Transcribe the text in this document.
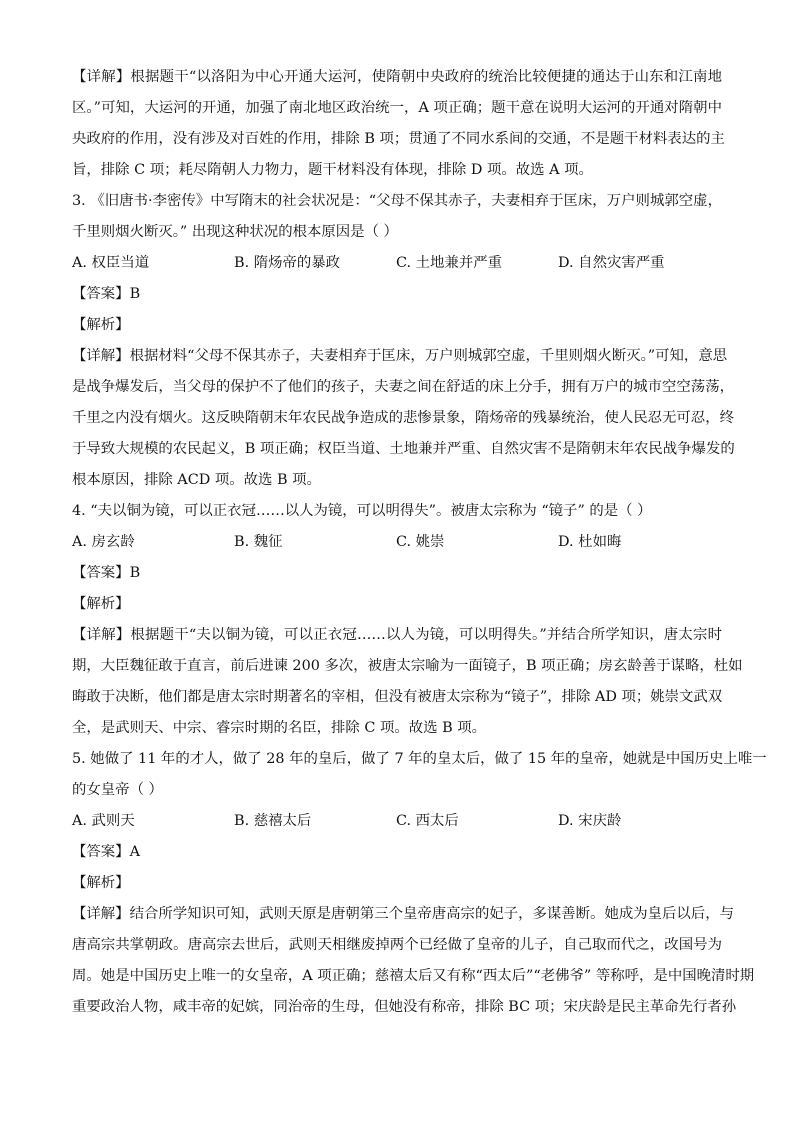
【详解】根据题干“以洛阳为中心开通大运河，使隋朝中央政府的统治比较便捷的通达于山东和江南地
区。”可知，大运河的开通，加强了南北地区政治统一，A 项正确；题干意在说明大运河的开通对隋朝中
央政府的作用，没有涉及对百姓的作用，排除 B 项；贯通了不同水系间的交通，不是题干材料表达的主
旨，排除 C 项；耗尽隋朝人力物力，题干材料没有体现，排除 D 项。故选 A 项。
3. 《旧唐书·李密传》中写隋末的社会状况是：“父母不保其赤子，夫妻相弃于匡床，万户则城郭空虚，
千里则烟火断灭。” 出现这种状况的根本原因是（ ）
A. 权臣当道	B. 隋炀帝的暴政	C. 土地兼并严重	D. 自然灾害严重
【答案】B
【解析】
【详解】根据材料“父母不保其赤子，夫妻相弃于匡床，万户则城郭空虚，千里则烟火断灭。”可知，意思
是战争爆发后，当父母的保护不了他们的孩子，夫妻之间在舒适的床上分手，拥有万户的城市空空荡荡，
千里之内没有烟火。这反映隋朝末年农民战争造成的悲惨景象，隋炀帝的残暴统治，使人民忍无可忍，终
于导致大规模的农民起义，B 项正确；权臣当道、土地兼并严重、自然灾害不是隋朝末年农民战争爆发的
根本原因，排除 ACD 项。故选 B 项。
4. “夫以铜为镜，可以正衣冠……以人为镜，可以明得失”。被唐太宗称为 “镜子” 的是（ ）
A. 房玄龄	B. 魏征	C. 姚崇	D. 杜如晦
【答案】B
【解析】
【详解】根据题干“夫以铜为镜，可以正衣冠……以人为镜，可以明得失。”并结合所学知识，唐太宗时
期，大臣魏征敢于直言，前后进谏 200 多次，被唐太宗喻为一面镜子，B 项正确；房玄龄善于谋略，杜如
晦敢于决断，他们都是唐太宗时期著名的宰相，但没有被唐太宗称为“镜子”，排除 AD 项；姚崇文武双
全，是武则天、中宗、睿宗时期的名臣，排除 C 项。故选 B 项。
5. 她做了 11 年的才人，做了 28 年的皇后，做了 7 年的皇太后，做了 15 年的皇帝，她就是中国历史上唯一
的女皇帝（ ）
A. 武则天	B. 慈禧太后	C. 西太后	D. 宋庆龄
【答案】A
【解析】
【详解】结合所学知识可知，武则天原是唐朝第三个皇帝唐高宗的妃子，多谋善断。她成为皇后以后，与
唐高宗共掌朝政。唐高宗去世后，武则天相继废掉两个已经做了皇帝的儿子，自己取而代之，改国号为
周。她是中国历史上唯一的女皇帝，A 项正确；慈禧太后又有称“西太后”“老佛爷” 等称呼，是中国晚清时期
重要政治人物，咸丰帝的妃嫔，同治帝的生母，但她没有称帝，排除 BC 项；宋庆龄是民主革命先行者孙
